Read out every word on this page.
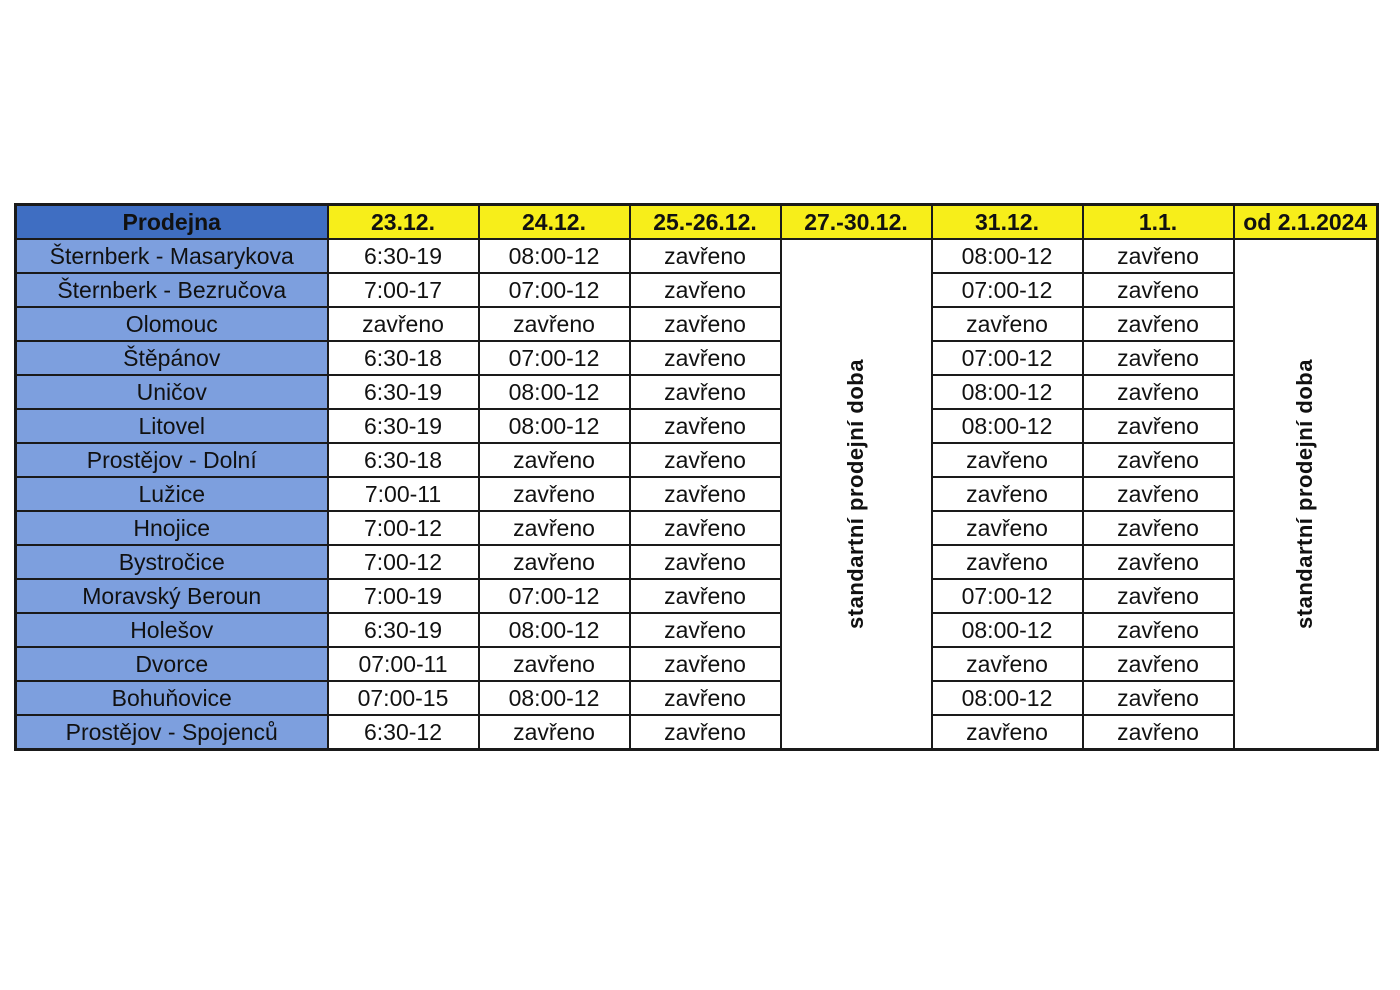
Prodejna	23.12.	24.12.	25.-26.12.	27.-30.12.	31.12.	1.1.	od 2.1.2024
Šternberk - Masarykova	6:30-19	08:00-12	zavřeno	standartní prodejní doba	08:00-12	zavřeno	standartní prodejní doba

Šternberk - Bezručova	7:00-17	07:00-12	zavřeno		07:00-12	zavřeno	
Olomouc	zavřeno	zavřeno	zavřeno		zavřeno	zavřeno	
Štěpánov	6:30-18	07:00-12	zavřeno		07:00-12	zavřeno	
Uničov	6:30-19	08:00-12	zavřeno		08:00-12	zavřeno	
Litovel	6:30-19	08:00-12	zavřeno		08:00-12	zavřeno	
Prostějov - Dolní	6:30-18	zavřeno	zavřeno		zavřeno	zavřeno	
Lužice	7:00-11	zavřeno	zavřeno		zavřeno	zavřeno	
Hnojice	7:00-12	zavřeno	zavřeno		zavřeno	zavřeno	
Bystročice	7:00-12	zavřeno	zavřeno		zavřeno	zavřeno	
Moravský Beroun	7:00-19	07:00-12	zavřeno		07:00-12	zavřeno	
Holešov	6:30-19	08:00-12	zavřeno		08:00-12	zavřeno	
Dvorce	07:00-11	zavřeno	zavřeno		zavřeno	zavřeno	
Bohuňovice	07:00-15	08:00-12	zavřeno		08:00-12	zavřeno	
Prostějov - Spojenců	6:30-12	zavřeno	zavřeno		zavřeno	zavřeno	
